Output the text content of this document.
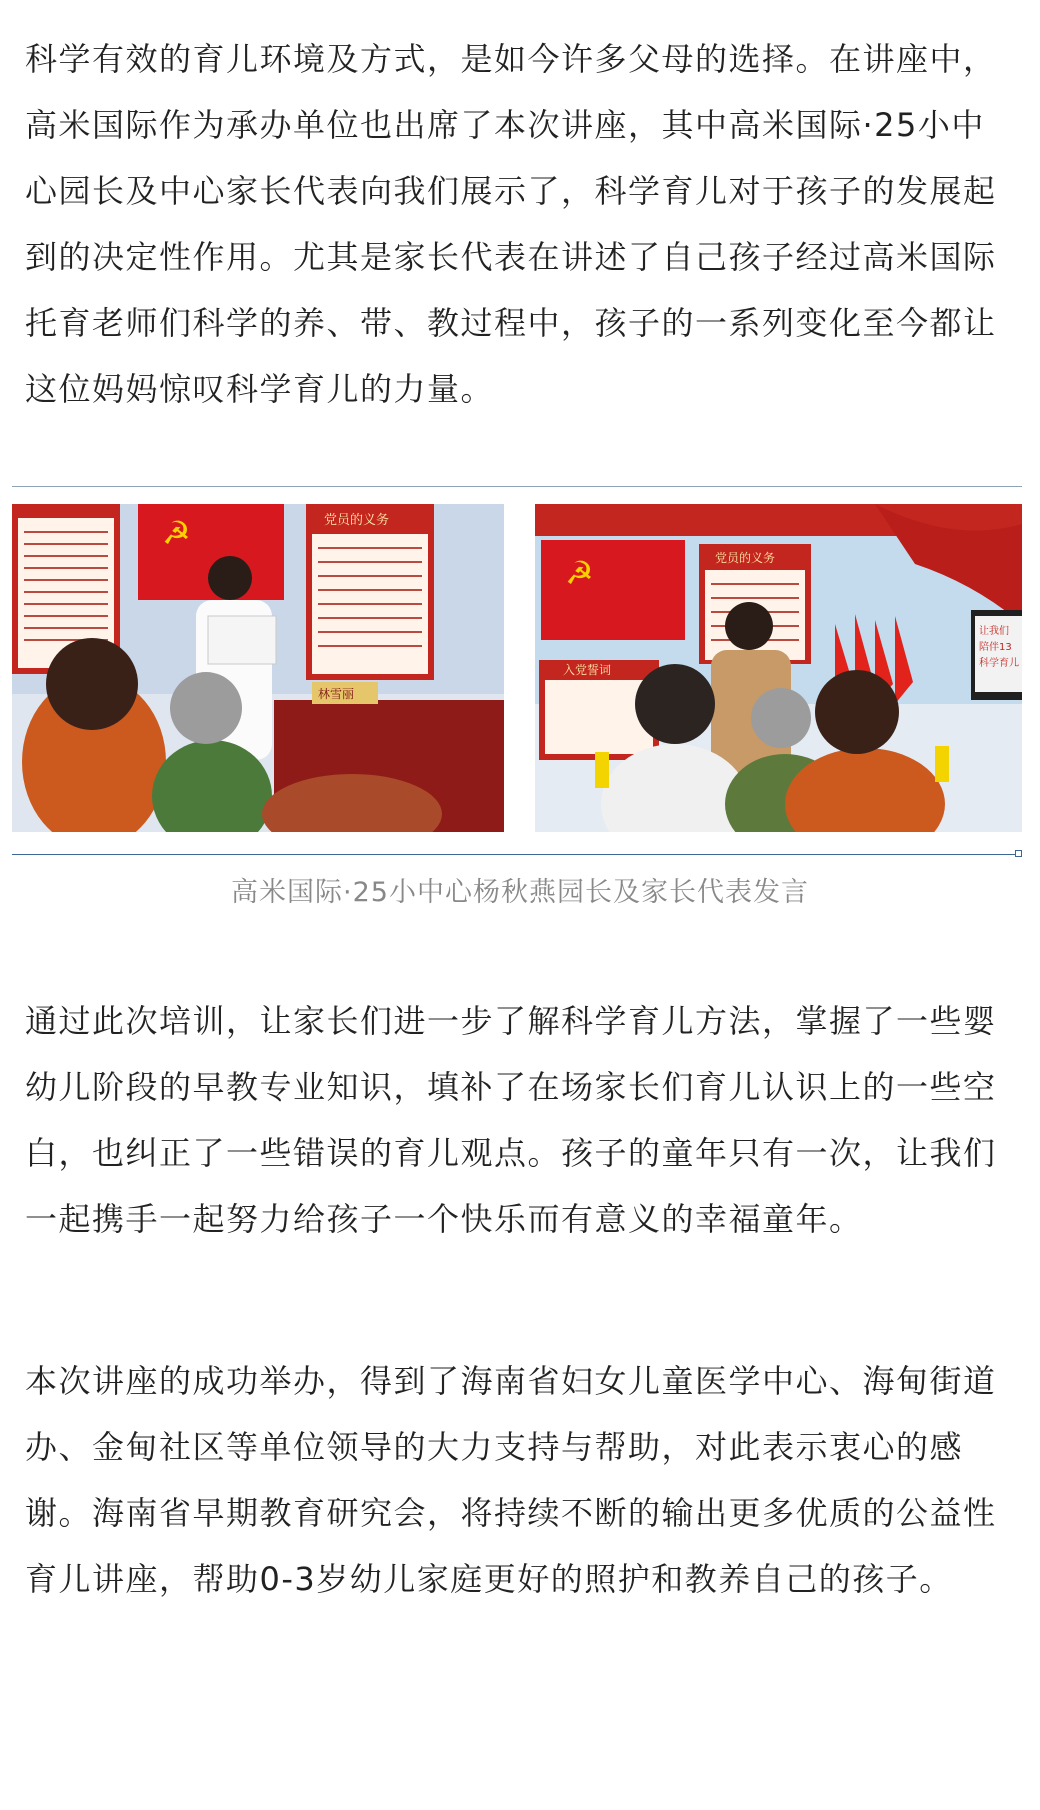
科学有效的育儿环境及方式，是如今许多父母的选择。在讲座中，高米国际作为承办单位也出席了本次讲座，其中高米国际·25小中心园长及中心家长代表向我们展示了，科学育儿对于孩子的发展起到的决定性作用。尤其是家长代表在讲述了自己孩子经过高米国际托育老师们科学的养、带、教过程中，孩子的一系列变化至今都让这位妈妈惊叹科学育儿的力量。

☭	党员的义务
林雪丽
☭	党员的义务
入党誓词
让我们
陪伴13
科学育儿
高米国际·25小中心杨秋燕园长及家长代表发言

通过此次培训，让家长们进一步了解科学育儿方法，掌握了一些婴幼儿阶段的早教专业知识，填补了在场家长们育儿认识上的一些空白，也纠正了一些错误的育儿观点。孩子的童年只有一次，让我们一起携手一起努力给孩子一个快乐而有意义的幸福童年。

本次讲座的成功举办，得到了海南省妇女儿童医学中心、海甸街道办、金甸社区等单位领导的大力支持与帮助，对此表示衷心的感谢。海南省早期教育研究会，将持续不断的输出更多优质的公益性育儿讲座，帮助0-3岁幼儿家庭更好的照护和教养自己的孩子。
